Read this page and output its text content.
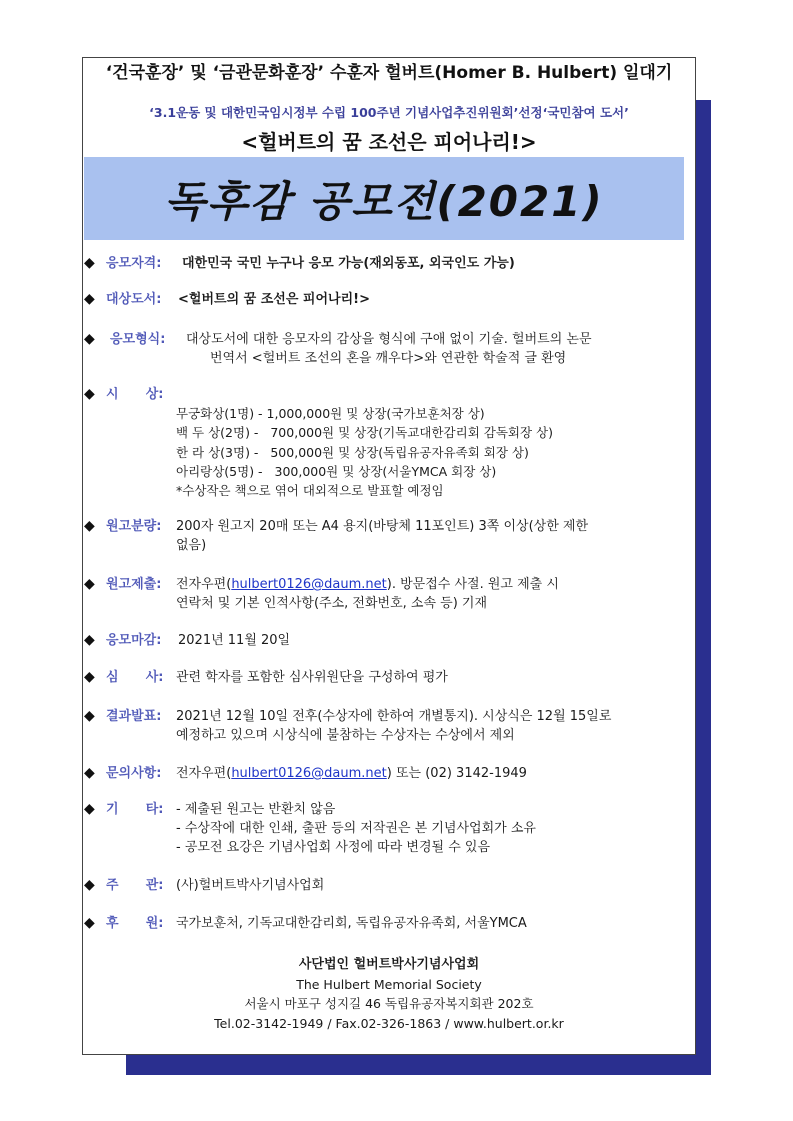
‘건국훈장’ 및 ‘금관문화훈장’ 수훈자 헐버트(Homer B. Hulbert) 일대기
‘3.1운동 및 대한민국임시정부 수립 100주년 기념사업추진위원회’선정‘국민참여 도서’
<헐버트의 꿈 조선은 피어나리!>
독후감 공모전(2021)
◆ 응모자격: 대한민국 국민 누구나 응모 가능(재외동포, 외국인도 가능)
◆ 대상도서: <헐버트의 꿈 조선은 피어나리!>
◆ 응모형식: 대상도서에 대한 응모자의 감상을 형식에 구애 없이 기술. 헐버트의 논문
번역서 <헐버트 조선의 혼을 깨우다>와 연관한 학술적 글 환영
◆ 시      상:
무궁화상(1명) - 1,000,000원 및 상장(국가보훈처장 상)
백 두 상(2명) -   700,000원 및 상장(기독교대한감리회 감독회장 상)
한 라 상(3명) -   500,000원 및 상장(독립유공자유족회 회장 상)
아리랑상(5명) -   300,000원 및 상장(서울YMCA 회장 상)
*수상작은 책으로 엮어 대외적으로 발표할 예정임
◆ 원고분량: 200자 원고지 20매 또는 A4 용지(바탕체 11포인트) 3쪽 이상(상한 제한
없음)
◆ 원고제출: 전자우편(hulbert0126@daum.net). 방문접수 사절. 원고 제출 시
연락처 및 기본 인적사항(주소, 전화번호, 소속 등) 기재
◆ 응모마감: 2021년 11월 20일
◆ 심      사: 관련 학자를 포함한 심사위원단을 구성하여 평가
◆ 결과발표: 2021년 12월 10일 전후(수상자에 한하여 개별통지). 시상식은 12월 15일로
예정하고 있으며 시상식에 불참하는 수상자는 수상에서 제외
◆ 문의사항: 전자우편(hulbert0126@daum.net) 또는 (02) 3142-1949
◆ 기      타: - 제출된 원고는 반환치 않음
- 수상작에 대한 인쇄, 출판 등의 저작권은 본 기념사업회가 소유
- 공모전 요강은 기념사업회 사정에 따라 변경될 수 있음
◆ 주      관: (사)헐버트박사기념사업회
◆ 후      원: 국가보훈처, 기독교대한감리회, 독립유공자유족회, 서울YMCA
사단법인 헐버트박사기념사업회
The Hulbert Memorial Society
서울시 마포구 성지길 46 독립유공자복지회관 202호
Tel.02-3142-1949 / Fax.02-326-1863 / www.hulbert.or.kr
